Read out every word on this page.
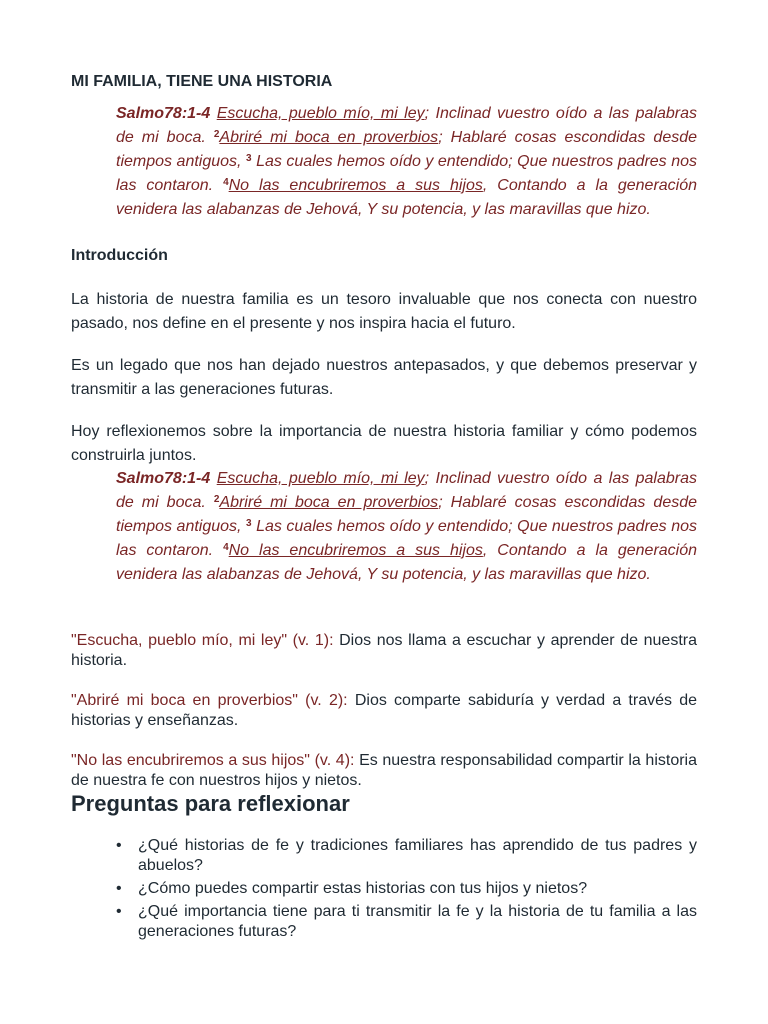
MI FAMILIA, TIENE UNA HISTORIA

Salmo78:1-4 Escucha, pueblo mío, mi ley; Inclinad vuestro oído a las palabras de mi boca. $^2$Abriré mi boca en proverbios; Hablaré cosas escondidas desde tiempos antiguos, $^3$ Las cuales hemos oído y entendido; Que nuestros padres nos las contaron. $^4$No las encubriremos a sus hijos, Contando a la generación venidera las alabanzas de Jehová, Y su potencia, y las maravillas que hizo.

Introducción

La historia de nuestra familia es un tesoro invaluable que nos conecta con nuestro pasado, nos define en el presente y nos inspira hacia el futuro.

Es un legado que nos han dejado nuestros antepasados, y que debemos preservar y transmitir a las generaciones futuras.

Hoy reflexionemos sobre la importancia de nuestra historia familiar y cómo podemos construirla juntos.

Salmo78:1-4 Escucha, pueblo mío, mi ley; Inclinad vuestro oído a las palabras de mi boca. $^2$Abriré mi boca en proverbios; Hablaré cosas escondidas desde tiempos antiguos, $^3$ Las cuales hemos oído y entendido; Que nuestros padres nos las contaron. $^4$No las encubriremos a sus hijos, Contando a la generación venidera las alabanzas de Jehová, Y su potencia, y las maravillas que hizo.

"Escucha, pueblo mío, mi ley" (v. 1): Dios nos llama a escuchar y aprender de nuestra historia.

"Abriré mi boca en proverbios" (v. 2): Dios comparte sabiduría y verdad a través de historias y enseñanzas.

"No las encubriremos a sus hijos" (v. 4): Es nuestra responsabilidad compartir la historia de nuestra fe con nuestros hijos y nietos.

Preguntas para reflexionar
• ¿Qué historias de fe y tradiciones familiares has aprendido de tus padres y abuelos?
• ¿Cómo puedes compartir estas historias con tus hijos y nietos?
• ¿Qué importancia tiene para ti transmitir la fe y la historia de tu familia a las generaciones futuras?
